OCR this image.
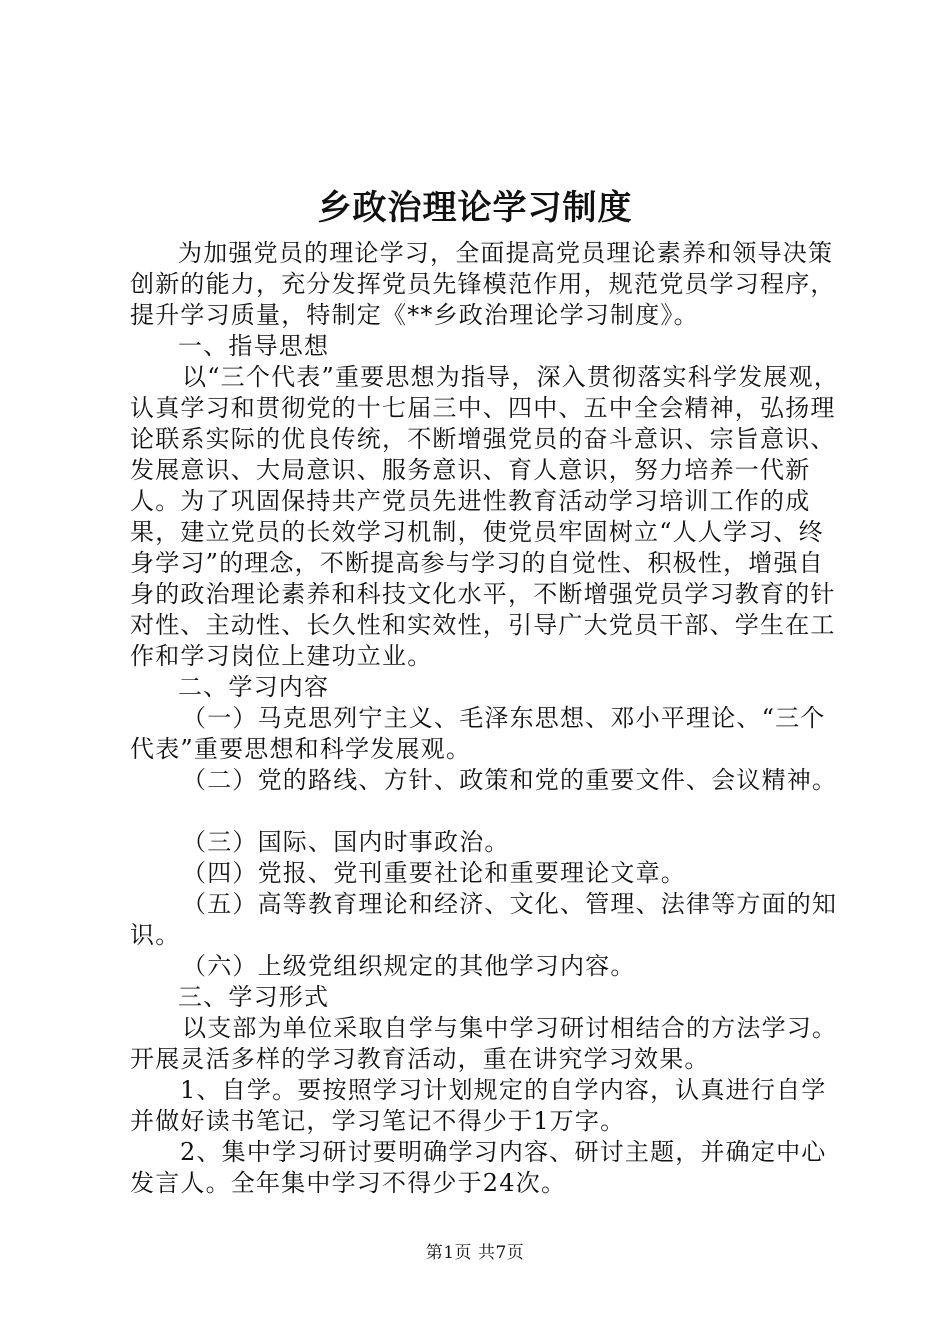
乡政治理论学习制度

为加强党员的理论学习，全面提高党员理论素养和领导决策创新的能力，充分发挥党员先锋模范作用，规范党员学习程序，提升学习质量，特制定《**乡政治理论学习制度》。

一、指导思想

以“三个代表”重要思想为指导，深入贯彻落实科学发展观，认真学习和贯彻党的十七届三中、四中、五中全会精神，弘扬理论联系实际的优良传统，不断增强党员的奋斗意识、宗旨意识、发展意识、大局意识、服务意识、育人意识，努力培养一代新人。为了巩固保持共产党员先进性教育活动学习培训工作的成果，建立党员的长效学习机制，使党员牢固树立“人人学习、终身学习”的理念，不断提高参与学习的自觉性、积极性，增强自身的政治理论素养和科技文化水平，不断增强党员学习教育的针对性、主动性、长久性和实效性，引导广大党员干部、学生在工作和学习岗位上建功立业。

二、学习内容

（一）马克思列宁主义、毛泽东思想、邓小平理论、“三个代表”重要思想和科学发展观。

（二）党的路线、方针、政策和党的重要文件、会议精神。

（三）国际、国内时事政治。

（四）党报、党刊重要社论和重要理论文章。

（五）高等教育理论和经济、文化、管理、法律等方面的知识。

（六）上级党组织规定的其他学习内容。

三、学习形式

以支部为单位采取自学与集中学习研讨相结合的方法学习。开展灵活多样的学习教育活动，重在讲究学习效果。

1、自学。要按照学习计划规定的自学内容，认真进行自学并做好读书笔记，学习笔记不得少于1万字。

2、集中学习研讨要明确学习内容、研讨主题，并确定中心发言人。全年集中学习不得少于24次。

第1页 共7页
